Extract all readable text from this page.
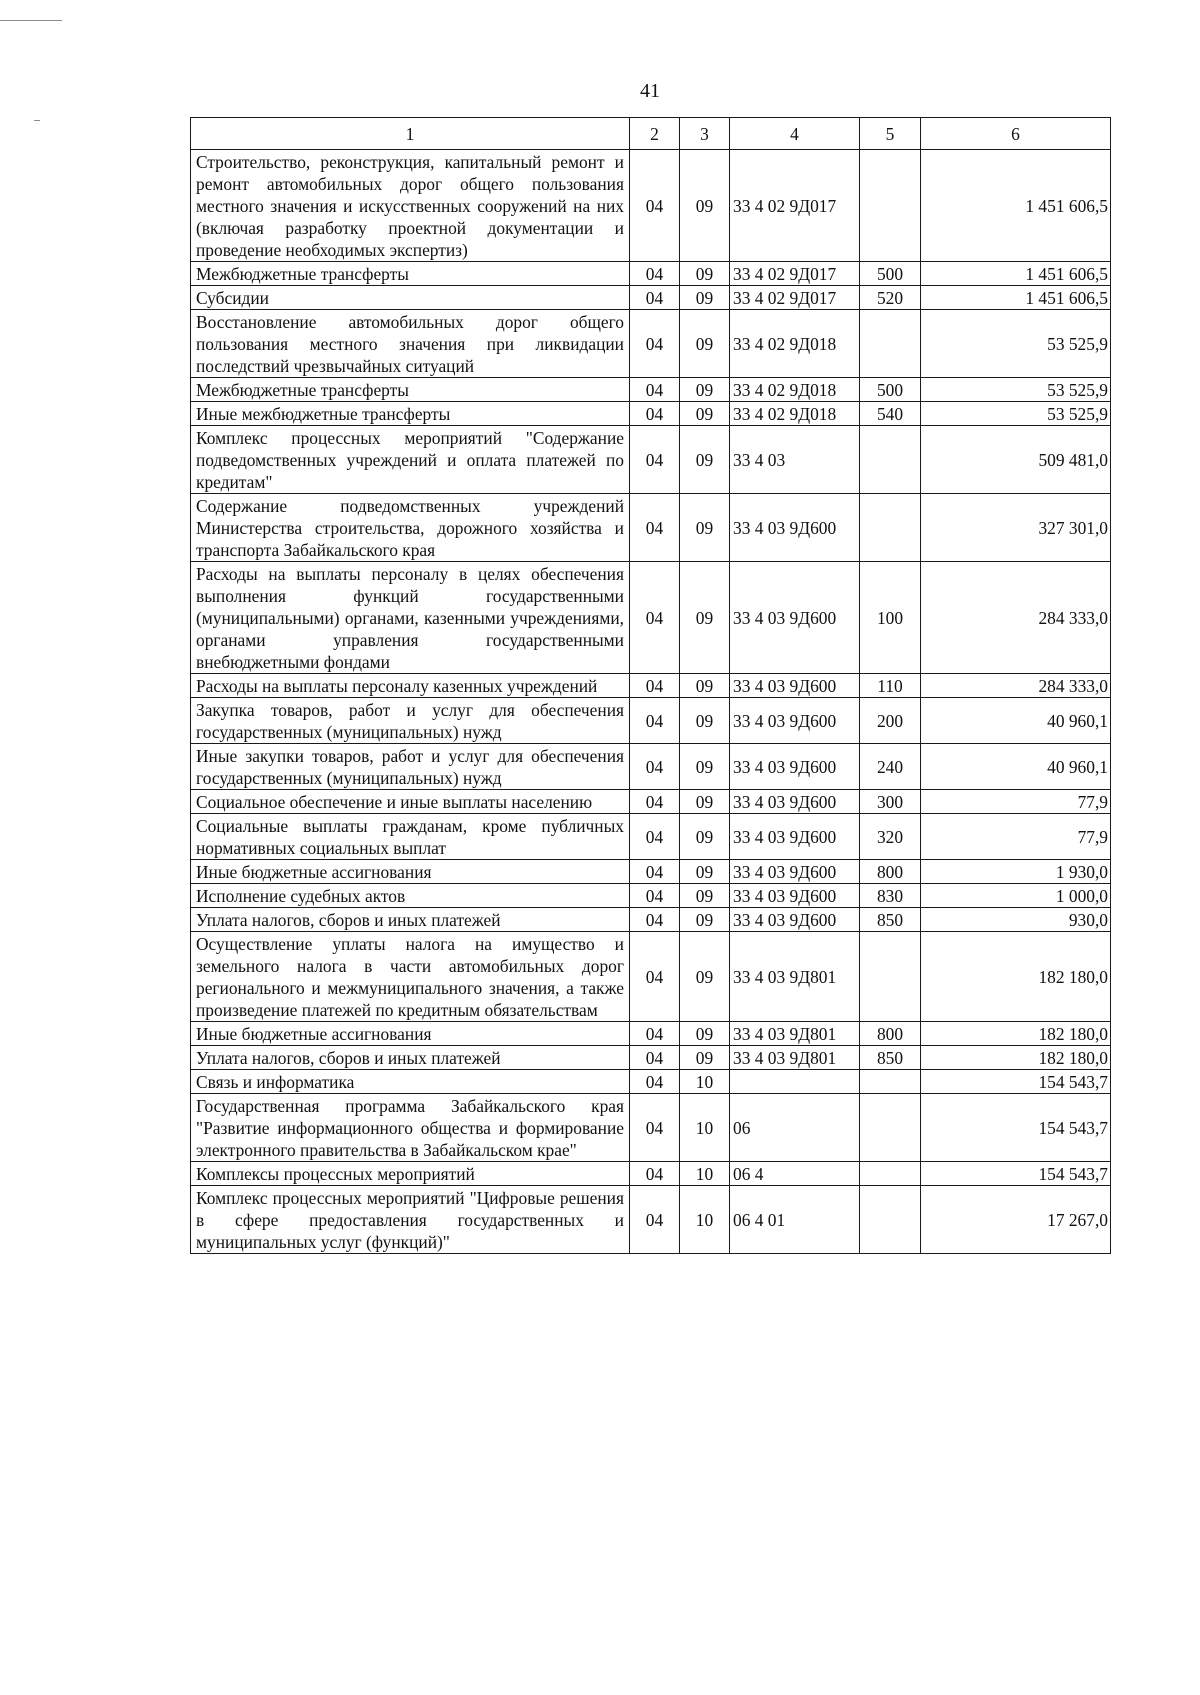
41
1	2	3	4	5	6
Строительство, реконструкция, капитальный ремонт и ремонт автомобильных дорог общего пользования местного значения и искусственных сооружений на них (включая разработку проектной документации и проведение необходимых экспертиз)	04	09	33 4 02 9Д017		1 451 606,5
Межбюджетные трансферты	04	09	33 4 02 9Д017	500	1 451 606,5
Субсидии	04	09	33 4 02 9Д017	520	1 451 606,5
Восстановление автомобильных дорог общего пользования местного значения при ликвидации последствий чрезвычайных ситуаций	04	09	33 4 02 9Д018		53 525,9
Межбюджетные трансферты	04	09	33 4 02 9Д018	500	53 525,9
Иные межбюджетные трансферты	04	09	33 4 02 9Д018	540	53 525,9
Комплекс процессных мероприятий "Содержание подведомственных учреждений и оплата платежей по кредитам"	04	09	33 4 03		509 481,0
Содержание подведомственных учреждений Министерства строительства, дорожного хозяйства и транспорта Забайкальского края	04	09	33 4 03 9Д600		327 301,0
Расходы на выплаты персоналу в целях обеспечения выполнения функций государственными (муниципальными) органами, казенными учреждениями, органами управления государственными внебюджетными фондами	04	09	33 4 03 9Д600	100	284 333,0
Расходы на выплаты персоналу казенных учреждений	04	09	33 4 03 9Д600	110	284 333,0
Закупка товаров, работ и услуг для обеспечения государственных (муниципальных) нужд	04	09	33 4 03 9Д600	200	40 960,1
Иные закупки товаров, работ и услуг для обеспечения государственных (муниципальных) нужд	04	09	33 4 03 9Д600	240	40 960,1
Социальное обеспечение и иные выплаты населению	04	09	33 4 03 9Д600	300	77,9
Социальные выплаты гражданам, кроме публичных нормативных социальных выплат	04	09	33 4 03 9Д600	320	77,9
Иные бюджетные ассигнования	04	09	33 4 03 9Д600	800	1 930,0
Исполнение судебных актов	04	09	33 4 03 9Д600	830	1 000,0
Уплата налогов, сборов и иных платежей	04	09	33 4 03 9Д600	850	930,0
Осуществление уплаты налога на имущество и земельного налога в части автомобильных дорог регионального и межмуниципального значения, а также произведение платежей по кредитным обязательствам	04	09	33 4 03 9Д801		182 180,0
Иные бюджетные ассигнования	04	09	33 4 03 9Д801	800	182 180,0
Уплата налогов, сборов и иных платежей	04	09	33 4 03 9Д801	850	182 180,0
Связь и информатика	04	10			154 543,7
Государственная программа Забайкальского края "Развитие информационного общества и формирование электронного правительства в Забайкальском крае"	04	10	06		154 543,7
Комплексы процессных мероприятий	04	10	06 4		154 543,7
Комплекс процессных мероприятий "Цифровые решения в сфере предоставления государственных и муниципальных услуг (функций)"	04	10	06 4 01		17 267,0
